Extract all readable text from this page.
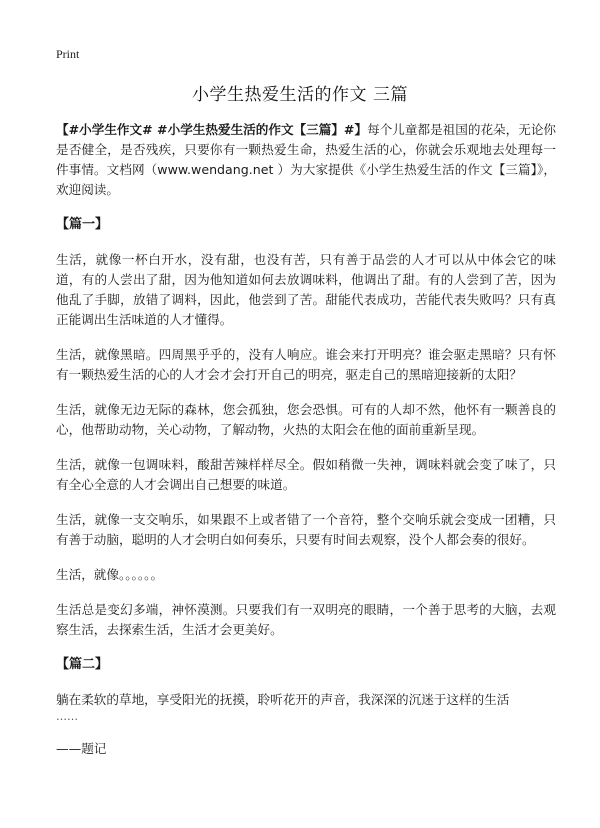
Print
小学生热爱生活的作文 三篇

【#小学生作文# #小学生热爱生活的作文【三篇】#】每个儿童都是祖国的花朵，无论你是否健全，是否残疾，只要你有一颗热爱生命，热爱生活的心，你就会乐观地去处理每一件事情。文档网（www.wendang.net ）为大家提供《小学生热爱生活的作文【三篇】》，欢迎阅读。

【篇一】

生活，就像一杯白开水，没有甜，也没有苦，只有善于品尝的人才可以从中体会它的味道，有的人尝出了甜，因为他知道如何去放调味料，他调出了甜。有的人尝到了苦，因为他乱了手脚，放错了调料，因此，他尝到了苦。甜能代表成功，苦能代表失败吗？只有真正能调出生活味道的人才懂得。

生活，就像黑暗。四周黑乎乎的，没有人响应。谁会来打开明亮？谁会驱走黑暗？只有怀有一颗热爱生活的心的人才会才会打开自己的明亮，驱走自己的黑暗迎接新的太阳？

生活，就像无边无际的森林，您会孤独，您会恐惧。可有的人却不然，他怀有一颗善良的心，他帮助动物，关心动物，了解动物，火热的太阳会在他的面前重新呈现。

生活，就像一包调味料，酸甜苦辣样样尽全。假如稍微一失神，调味料就会变了味了，只有全心全意的人才会调出自己想要的味道。

生活，就像一支交响乐，如果跟不上或者错了一个音符，整个交响乐就会变成一团糟，只有善于动脑，聪明的人才会明白如何奏乐，只要有时间去观察，没个人都会奏的很好。

生活，就像。。。。。。

生活总是变幻多端，神怀漠测。只要我们有一双明亮的眼睛，一个善于思考的大脑，去观察生活，去探索生活，生活才会更美好。

【篇二】

躺在柔软的草地，享受阳光的抚摸，聆听花开的声音，我深深的沉迷于这样的生活

……

——题记
